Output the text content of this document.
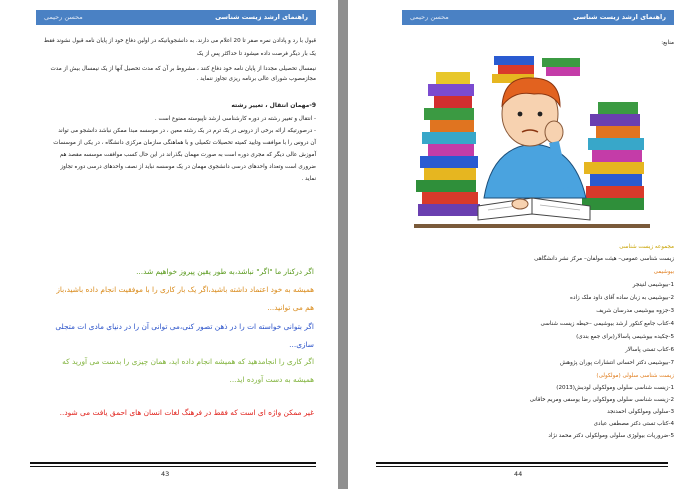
راهنمای ارشد زیست شناسی
محسن رحیمی
قبول با رد و پادادن نمره صفر تا 20 اعلام می دارند. به دانشجویانیکه در اولین دفاع خود از پایان نامه قبول نشوند فقط
یک بار دیگر فرصت داده میشود تا حداکثر پس از یک
نیمسال تحصیلی مجددا از پایان نامه خود دفاع کنند ، مشروط بر آن که مدت تحصیل آنها از یک نیمسال بیش از مدت
مجازمصوب شورای عالی برنامه ریزی تجاوز ننماید .
9-مهمان انتقال ، تغییر رشته
- انتقال و تغییر رشته در دوره کارشناسی ارشد ناپیوسته ممنوع است .
- درصورتیکه ارائه برخی از دروس در یک ترم در یک رشته معین ، در موسسه مبدا ممکن نباشد دانشجو می تواند
آن دروس را با موافقت وتایید کمیته تحصیلات تکمیلی و با هماهنگی سازمان مرکزی دانشگاه ، در یکی از موسسات
آموزش عالی دیگر که مجری دوره است به صورت مهمان بگذراند در این حال کسب موافقت موسسه مقصد هم
ضروری است وتعداد واحدهای درسی دانشجوی مهمان در یک موسسه نباید از نصف واحدهای درسی دوره تجاوز
نماید .
اگر درکنار ما "اگر" نباشد،به طور یقین پیروز خواهیم شد...
همیشه به خود اعتماد داشته باشید،اگر یک بار کاری را با موفقیت انجام داده باشید،باز
هم می توانید...
اگر بتوانی خواسته ات را در ذهن تصور کنی،می توانی آن را در دنیای مادی ات متجلی
سازی...
اگر کاری را انجامدهید که همیشه انجام داده اید، همان چیزی را بدست می آورید که
همیشه به دست آورده اید...
غیر ممکن واژه ای است که فقط در فرهنگ لغات انسان های احمق یافت می شود..
43
راهنمای ارشد زیست شناسی
محسن رحیمی
منابع:
مجموعه زیست شناسی
زیست شناسی عمومی– هیئت مولفان– مرکز نشر دانشگاهی
بیوشیمی
1-بیوشیمی لنینجر
2-بیوشیمی به زبان ساده آقای داود ملک زاده
3-جزوه بیوشیمی مدرسان شریف
4-کتاب جامع کنکور ارشد بیوشیمی –حیطه زیست شناسی
5-چکیده بیوشیمی پاسالار(برای جمع بندی)
6-کتاب تستی پاسالار
7-بیوشیمی دکتر احسانی انتشارات پوران پژوهش
زیست شناسی سلولی (مولکولی)
1-زیست شناسی سلولی ومولکولی لودیش(2013)
2-زیست شناسی سلولی ومولکولی رضا یوسفی ومریم خاقانی
3-سلولی ومولکولی احمدنجد
4-کتاب تستی دکتر مصطفی عبادی
5-ضروریات بیولوژی سلولی ومولکولی دکتر محمد نژاد
44
